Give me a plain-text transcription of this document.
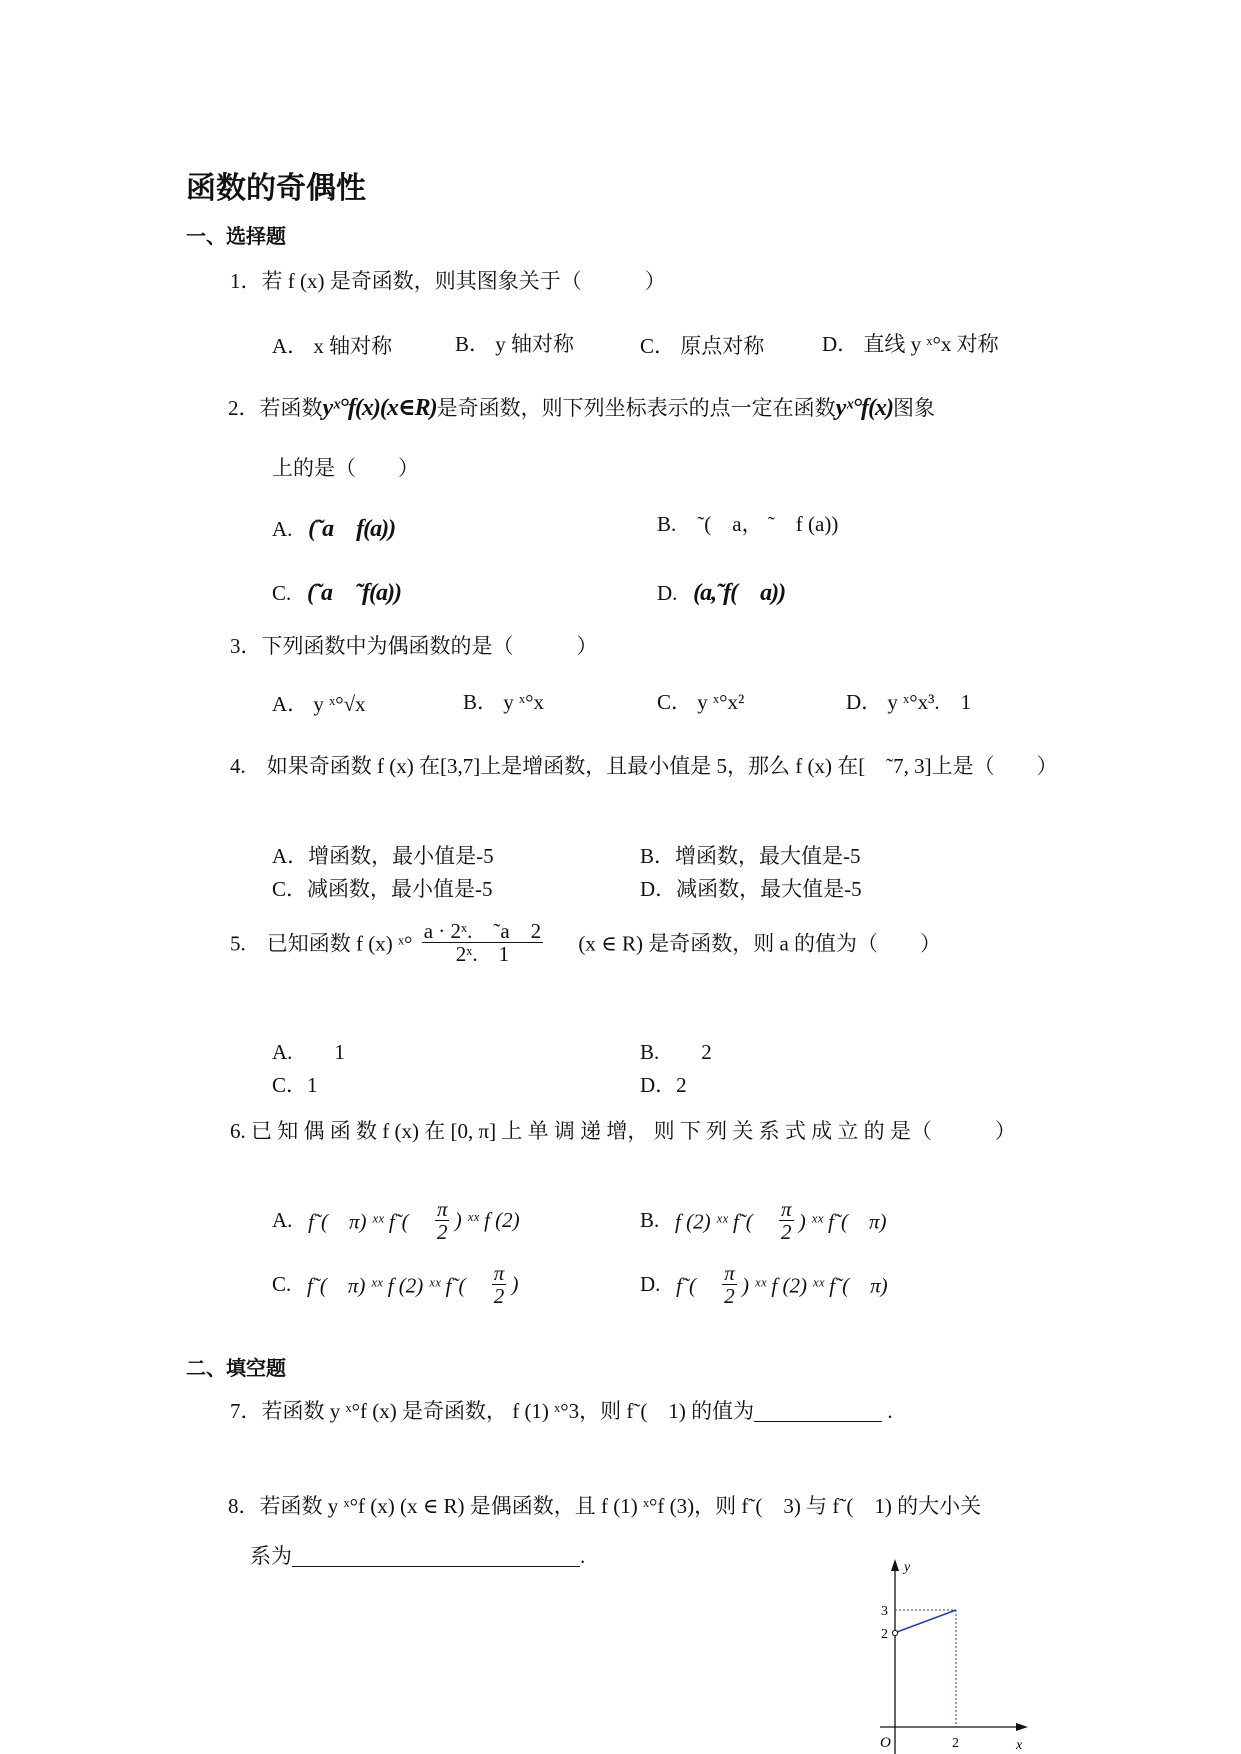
函数的奇偶性
一、选择题
1．若 f (x) 是奇函数，则其图象关于（　　　）
A． x 轴对称	B． y 轴对称	C． 原点对称	D． 直线 y ˣ°x 对称
2．若函数yˣ°f(x)(x∈R)是奇函数，则下列坐标表示的点一定在函数yˣ°f(x)图象
上的是（　　）
A. (˜a　f(a))	B.　˜(　a， ˜　f (a))
C. (˜a　˜f(a))	D. (a,˜f(　a))
3．下列函数中为偶函数的是（　　　）
A． y ˣ°√x	B． y ˣ°x	C． y ˣ°x²	D． y ˣ°x³.　1
4.　如果奇函数 f (x) 在[3,7]上是增函数，且最小值是 5，那么 f (x) 在[　˜7, 3]上是（　　）
A．增函数，最小值是-5	B．增函数，最大值是-5
C．减函数，最小值是-5	D．减函数，最大值是-5
5.　已知函数 f (x) ˣ° $\frac{\text{a · 2ˣ.　˜a　2}}{\text{2ˣ.　1}} (x$ ∈ R) 是奇函数，则 a 的值为（　　）
A.　　1	B.　　2
C．1	D．2
6. 已 知 偶 函 数 f (x) 在 [0, π] 上 单 调 递 增， 则 下 列 关 系 式 成 立 的 是（　　　）
A. f˜(　π) ˣˣ f˜(　 $\frac{\pi}{2}$ ) ˣˣ f (2)	B. f (2) ˣˣ f˜(　 $\frac{\pi}{2}$ ) ˣˣ f˜(　π)
C. f˜(　π) ˣˣ f (2) ˣˣ f˜(　 $\frac{\pi}{2}$ )	D. f˜(　 $\frac{\pi}{2}$ ) ˣˣ f (2) ˣˣ f˜(　π)
二、填空题
7．若函数 y ˣ°f (x) 是奇函数， f (1) ˣ°3，则 f˜(　1) 的值为	.
8．若函数 y ˣ°f (x) (x ∈ R) 是偶函数，且 f (1) ˣ°f (3)，则 f˜(　3) 与 f˜(　1) 的大小关
系为	.	y
x
O
3
2
2
